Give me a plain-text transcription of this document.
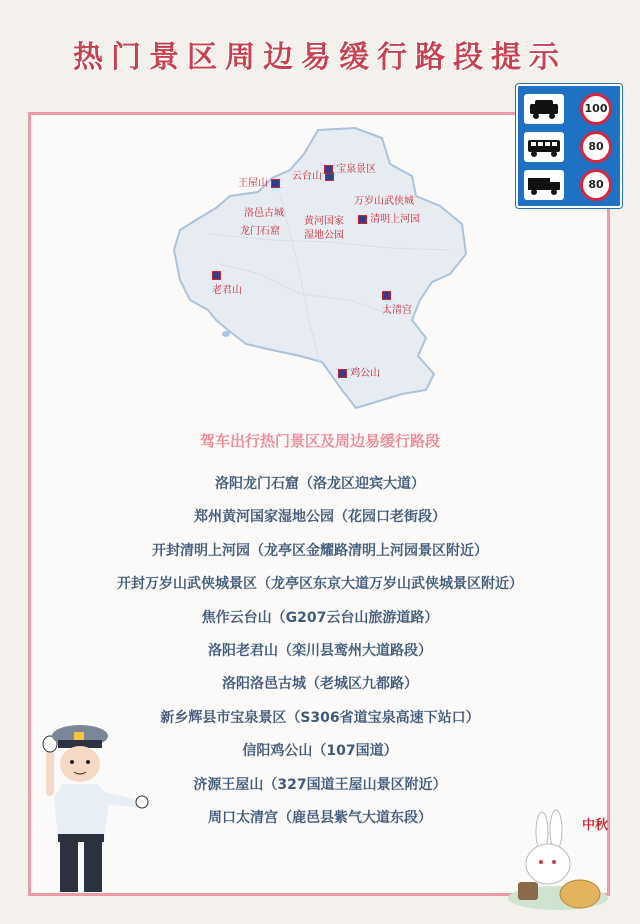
热门景区周边易缓行路段提示
100
80
80
王屋山
云台山
宝泉景区
洛邑古城
万岁山武侠城
黄河国家
湿地公园
清明上河园
龙门石窟

老君山

太清宫
鸡公山
驾车出行热门景区及周边易缓行路段
洛阳龙门石窟（洛龙区迎宾大道）
郑州黄河国家湿地公园（花园口老街段）
开封清明上河园（龙亭区金耀路清明上河园景区附近）
开封万岁山武侠城景区（龙亭区东京大道万岁山武侠城景区附近）
焦作云台山（G207云台山旅游道路）
洛阳老君山（栾川县鸾州大道路段）
洛阳洛邑古城（老城区九都路）
新乡辉县市宝泉景区（S306省道宝泉高速下站口）
信阳鸡公山（107国道）
济源王屋山（327国道王屋山景区附近）
周口太清宫（鹿邑县紫气大道东段）	中秋
